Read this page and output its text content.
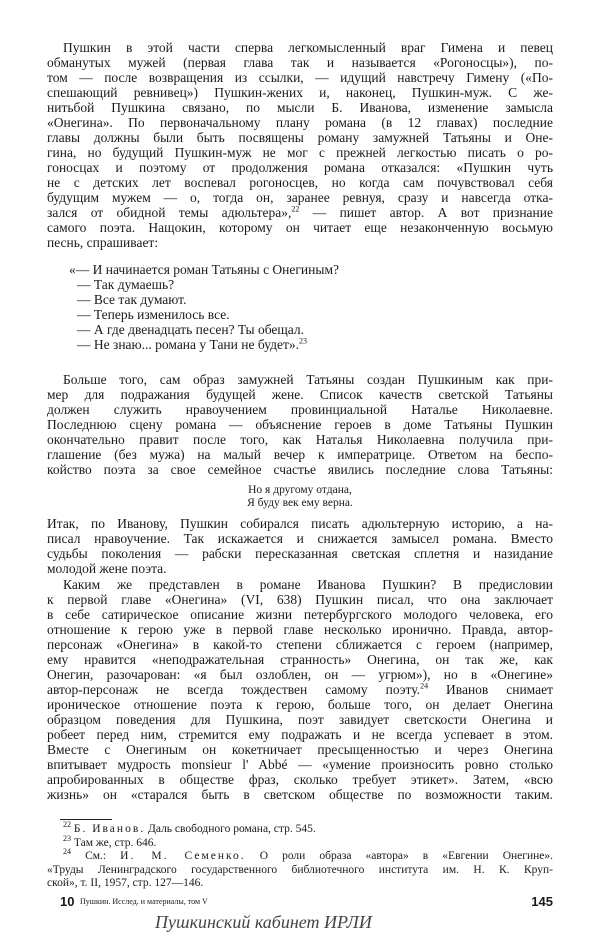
Пушкин в этой части сперва легкомысленный враг Гимена и певец
обманутых мужей (первая глава так и называется «Рогоносцы»), по-
том — после возвращения из ссылки, — идущий навстречу Гимену («По-
спешающий ревнивец») Пушкин-жених и, наконец, Пушкин-муж. С же-
нитьбой Пушкина связано, по мысли Б. Иванова, изменение замысла
«Онегина». По первоначальному плану романа (в 12 главах) последние
главы должны были быть посвящены роману замужней Татьяны и Оне-
гина, но будущий Пушкин-муж не мог с прежней легкостью писать о ро-
гоносцах и поэтому от продолжения романа отказался: «Пушкин чуть
не с детских лет воспевал рогоносцев, но когда сам почувствовал себя
будущим мужем — о, тогда он, заранее ревнуя, сразу и навсегда отка-
зался от обидной темы адюльтера»,$^{22}$ — пишет автор. А вот признание
самого поэта. Нащокин, которому он читает еще незаконченную восьмую
песнь, спрашивает:
«— И начинается роман Татьяны с Онегиным?
— Так думаешь?
— Все так думают.
— Теперь изменилось все.
— А где двенадцать песен? Ты обещал.
— Не знаю... романа у Тани не будет».$^{23}$
Больше того, сам образ замужней Татьяны создан Пушкиным как при-
мер для подражания будущей жене. Список качеств светской Татьяны
должен служить нравоучением провинциальной Наталье Николаевне.
Последнюю сцену романа — объяснение героев в доме Татьяны Пушкин
окончательно правит после того, как Наталья Николаевна получила при-
глашение (без мужа) на малый вечер к императрице. Ответом на беспо-
койство поэта за свое семейное счастье явились последние слова Татьяны:
Но я другому отдана,
Я буду век ему верна.
Итак, по Иванову, Пушкин собирался писать адюльтерную историю, а на-
писал нравоучение. Так искажается и снижается замысел романа. Вместо
судьбы поколения — рабски пересказанная светская сплетня и назидание
молодой жене поэта.
Каким же представлен в романе Иванова Пушкин? В предисловии
к первой главе «Онегина» (VI, 638) Пушкин писал, что она заключает
в себе сатирическое описание жизни петербургского молодого человека, его
отношение к герою уже в первой главе несколько иронично. Правда, автор-
персонаж «Онегина» в какой-то степени сближается с героем (например,
ему нравится «неподражательная странность» Онегина, он так же, как
Онегин, разочарован: «я был озлоблен, он — угрюм»), но в «Онегине»
автор-персонаж не всегда тождествен самому поэту.$^{24}$ Иванов снимает
ироническое отношение поэта к герою, больше того, он делает Онегина
образцом поведения для Пушкина, поэт завидует светскости Онегина и
робеет перед ним, стремится ему подражать и не всегда успевает в этом.
Вместе с Онегиным он кокетничает пресыщенностью и через Онегина
впитывает мудрость monsieur l' Abbé — «умение произносить ровно столько
апробированных в обществе фраз, сколько требует этикет». Затем, «всю
жизнь» он «старался быть в светском обществе по возможности таким.
$^{22}$ Б. Иванов. Даль свободного романа, стр. 545.
$^{23}$ Там же, стр. 646.
$^{24}$ См.: И. М. Семенко. О роли образа «автора» в «Евгении Онегине».
«Труды Ленинградского государственного библиотечного института им. Н. К. Круп-
ской», т. II, 1957, стр. 127—146.
10 Пушкин. Исслед. и материалы, том V	145
Пушкинский кабинет ИРЛИ
